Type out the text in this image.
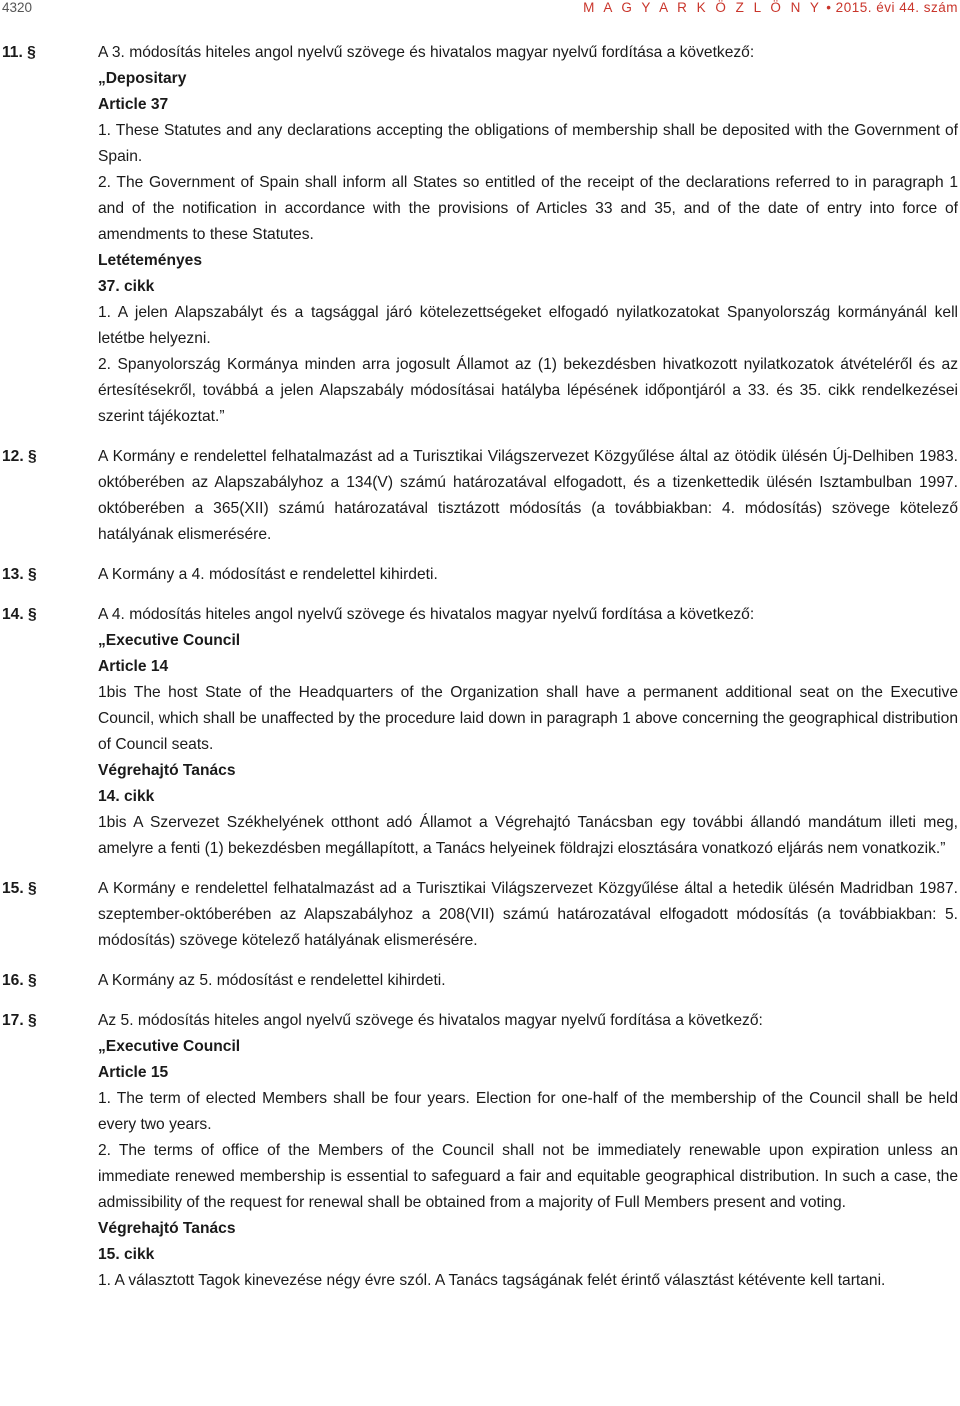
4320	M A G Y A R K Ö Z L Ö N Y • 2015. évi 44. szám
11. §	A 3. módosítás hiteles angol nyelvű szövege és hivatalos magyar nyelvű fordítása a következő:

„Depositary

Article 37

1. These Statutes and any declarations accepting the obligations of membership shall be deposited with the Government of Spain.

2. The Government of Spain shall inform all States so entitled of the receipt of the declarations referred to in paragraph 1 and of the notification in accordance with the provisions of Articles 33 and 35, and of the date of entry into force of amendments to these Statutes.

Letéteményes

37. cikk

1. A jelen Alapszabályt és a tagsággal járó kötelezettségeket elfogadó nyilatkozatokat Spanyolország kormányánál kell letétbe helyezni.

2. Spanyolország Kormánya minden arra jogosult Államot az (1) bekezdésben hivatkozott nyilatkozatok átvételéről és az értesítésekről, továbbá a jelen Alapszabály módosításai hatályba lépésének időpontjáról a 33. és 35. cikk rendelkezései szerint tájékoztat.”

12. §	A Kormány e rendelettel felhatalmazást ad a Turisztikai Világszervezet Közgyűlése által az ötödik ülésén Új-Delhiben 1983. októberében az Alapszabályhoz a 134(V) számú határozatával elfogadott, és a tizenkettedik ülésén Isztambulban 1997. októberében a 365(XII) számú határozatával tisztázott módosítás (a továbbiakban: 4. módosítás) szövege kötelező hatályának elismerésére.

13. §	A Kormány a 4. módosítást e rendelettel kihirdeti.

14. §	A 4. módosítás hiteles angol nyelvű szövege és hivatalos magyar nyelvű fordítása a következő:

„Executive Council

Article 14

1bis The host State of the Headquarters of the Organization shall have a permanent additional seat on the Executive Council, which shall be unaffected by the procedure laid down in paragraph 1 above concerning the geographical distribution of Council seats.

Végrehajtó Tanács

14. cikk

1bis A Szervezet Székhelyének otthont adó Államot a Végrehajtó Tanácsban egy további állandó mandátum illeti meg, amelyre a fenti (1) bekezdésben megállapított, a Tanács helyeinek földrajzi elosztására vonatkozó eljárás nem vonatkozik.”

15. §	A Kormány e rendelettel felhatalmazást ad a Turisztikai Világszervezet Közgyűlése által a hetedik ülésén Madridban 1987. szeptember-októberében az Alapszabályhoz a 208(VII) számú határozatával elfogadott módosítás (a továbbiakban: 5. módosítás) szövege kötelező hatályának elismerésére.

16. §	A Kormány az 5. módosítást e rendelettel kihirdeti.

17. §	Az 5. módosítás hiteles angol nyelvű szövege és hivatalos magyar nyelvű fordítása a következő:

„Executive Council

Article 15

1. The term of elected Members shall be four years. Election for one-half of the membership of the Council shall be held every two years.

2. The terms of office of the Members of the Council shall not be immediately renewable upon expiration unless an immediate renewed membership is essential to safeguard a fair and equitable geographical distribution. In such a case, the admissibility of the request for renewal shall be obtained from a majority of Full Members present and voting.

Végrehajtó Tanács

15. cikk

1. A választott Tagok kinevezése négy évre szól. A Tanács tagságának felét érintő választást kétévente kell tartani.
